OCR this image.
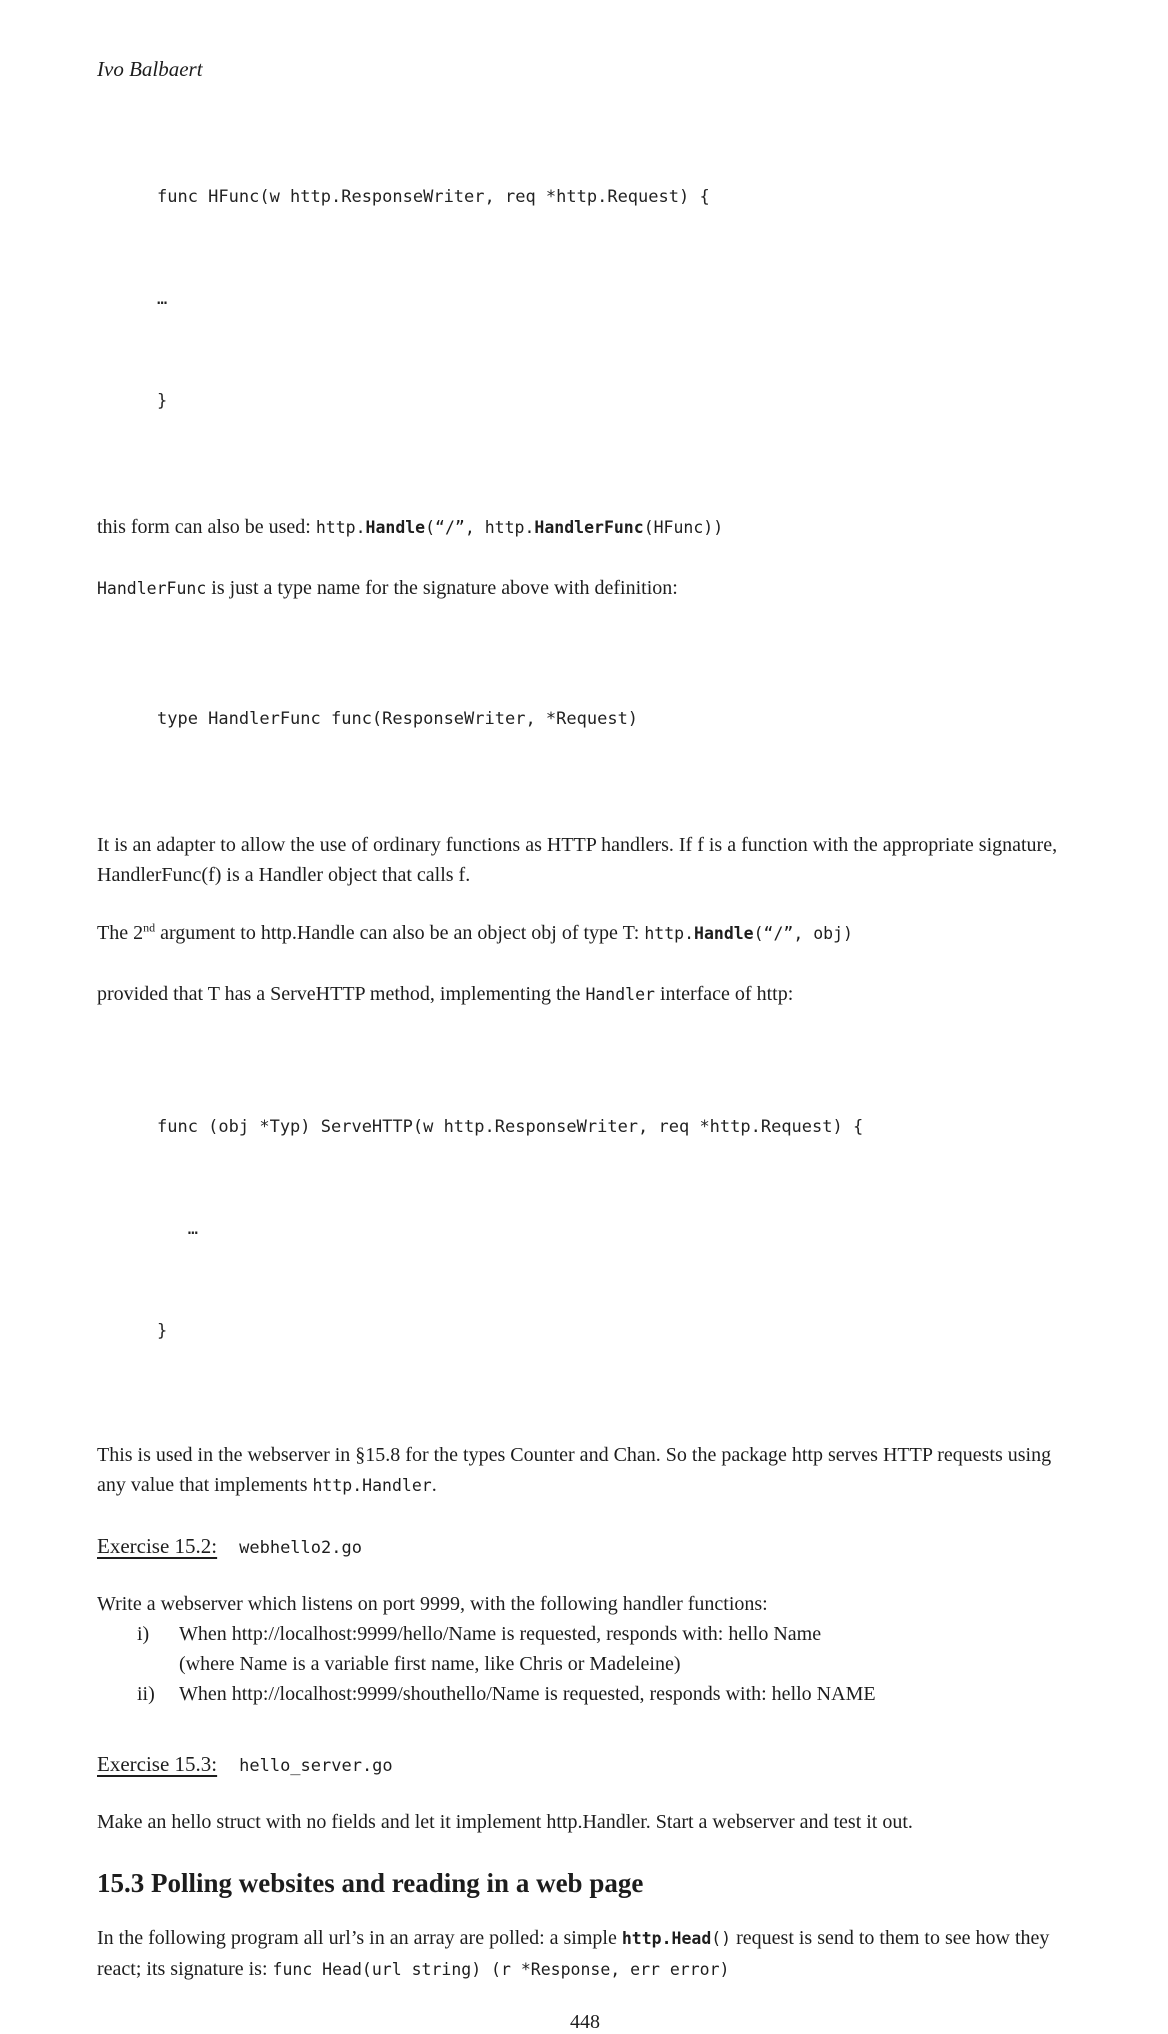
Ivo Balbaert

func HFunc(w http.ResponseWriter, req *http.Request) {

…

}

this form can also be used: http.Handle(“/”, http.HandlerFunc(HFunc))

HandlerFunc is just a type name for the signature above with definition:

type HandlerFunc func(ResponseWriter, *Request)

It is an adapter to allow the use of ordinary functions as HTTP handlers. If f is a function with the appropriate signature, HandlerFunc(f) is a Handler object that calls f.

The 2nd argument to http.Handle can also be an object obj of type T: http.Handle(“/”, obj)

provided that T has a ServeHTTP method, implementing the Handler interface of http:

func (obj *Typ) ServeHTTP(w http.ResponseWriter, req *http.Request) {

…

}

This is used in the webserver in §15.8 for the types Counter and Chan. So the package http serves HTTP requests using any value that implements http.Handler.

Exercise 15.2: webhello2.go

Write a webserver which listens on port 9999, with the following handler functions:

i)	When http://localhost:9999/hello/Name is requested, responds with: hello Name
(where Name is a variable first name, like Chris or Madeleine)
ii)	When http://localhost:9999/shouthello/Name is requested, responds with: hello NAME

Exercise 15.3: hello_server.go

Make an hello struct with no fields and let it implement http.Handler. Start a webserver and test it out.

15.3 Polling websites and reading in a web page

In the following program all url’s in an array are polled: a simple http.Head() request is send to them to see how they react; its signature is: func Head(url string) (r *Response, err error)

448
